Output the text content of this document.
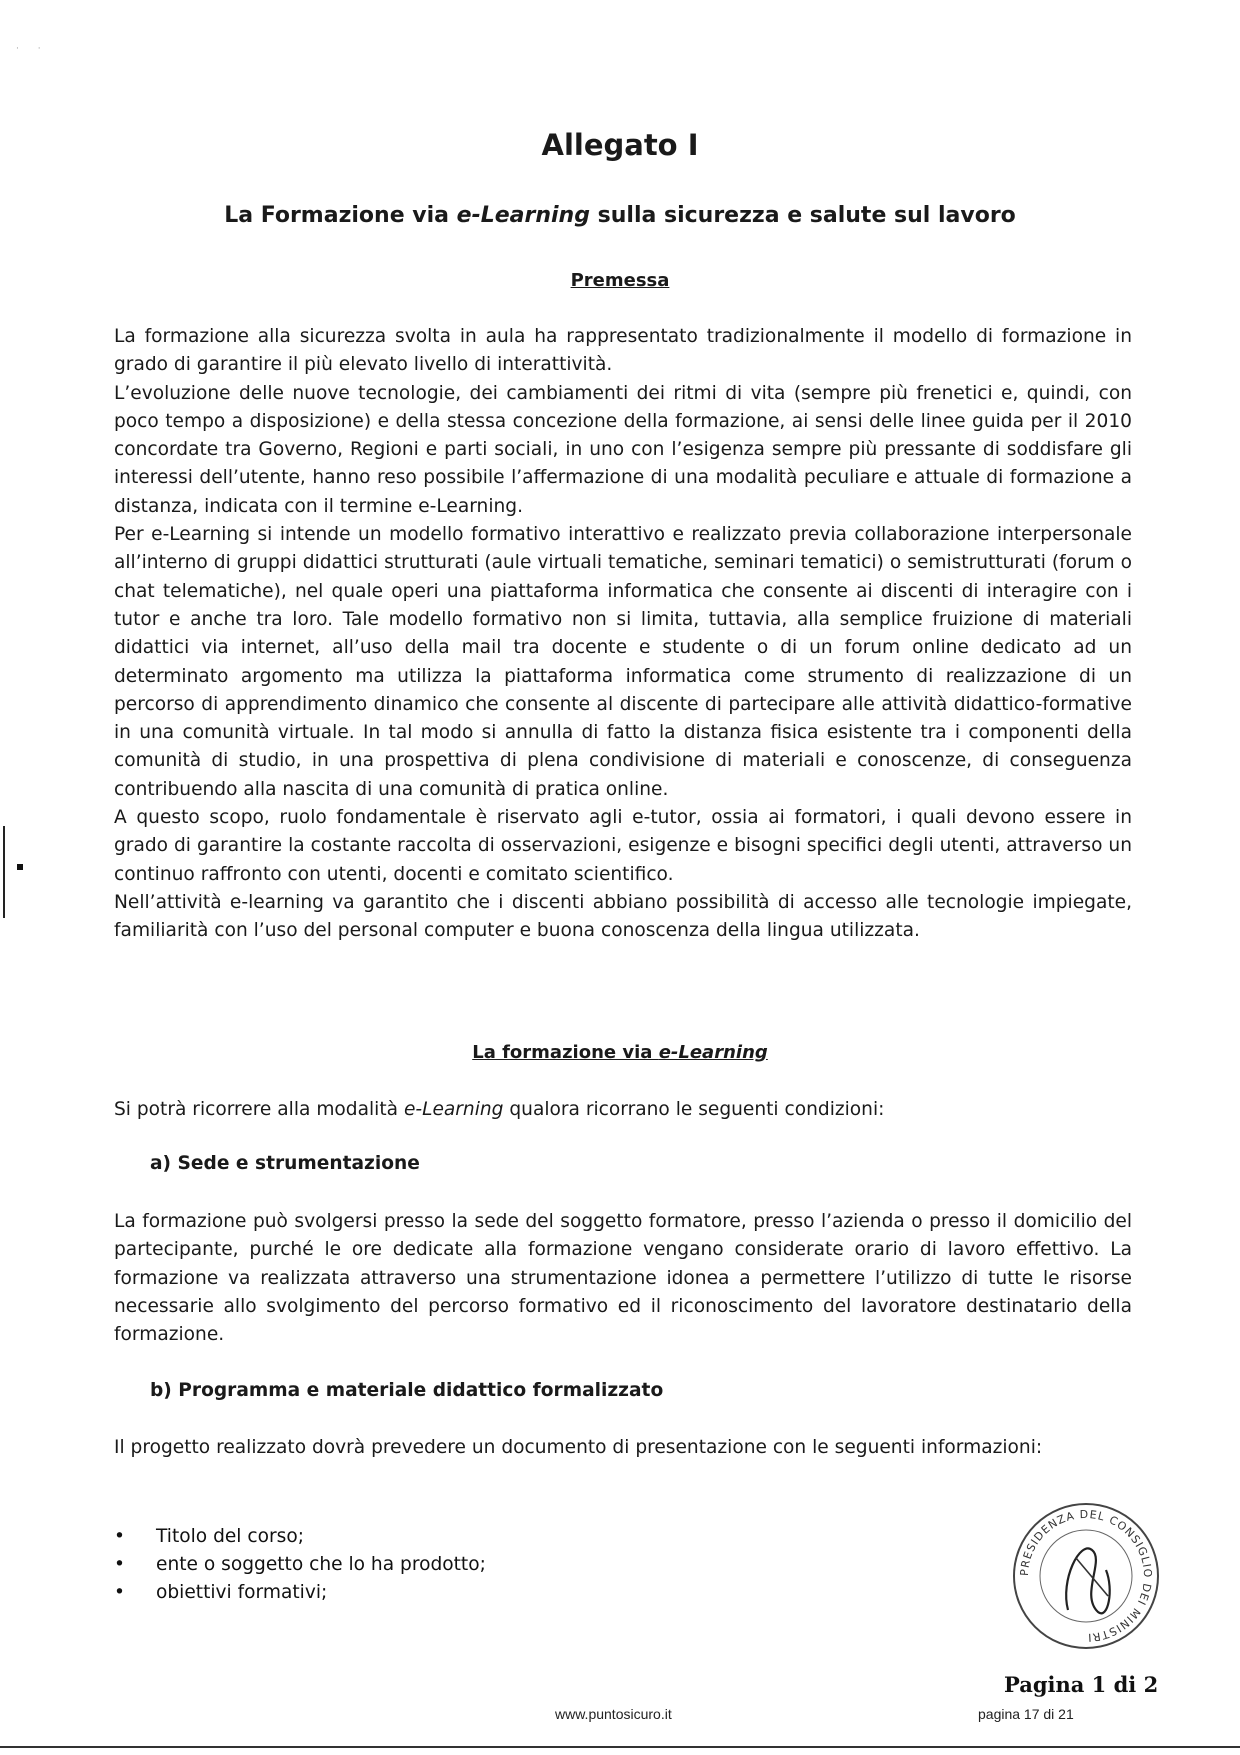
· ·
Allegato I
La Formazione via e-Learning sulla sicurezza e salute sul lavoro
Premessa

La formazione alla sicurezza svolta in aula ha rappresentato tradizionalmente il modello di formazione in grado di garantire il più elevato livello di interattività.

L’evoluzione delle nuove tecnologie, dei cambiamenti dei ritmi di vita (sempre più frenetici e, quindi, con poco tempo a disposizione) e della stessa concezione della formazione, ai sensi delle linee guida per il 2010 concordate tra Governo, Regioni e parti sociali, in uno con l’esigenza sempre più pressante di soddisfare gli interessi dell’utente, hanno reso possibile l’affermazione di una modalità peculiare e attuale di formazione a distanza, indicata con il termine e-Learning.

Per e-Learning si intende un modello formativo interattivo e realizzato previa collaborazione interpersonale all’interno di gruppi didattici strutturati (aule virtuali tematiche, seminari tematici) o semistrutturati (forum o chat telematiche), nel quale operi una piattaforma informatica che consente ai discenti di interagire con i tutor e anche tra loro. Tale modello formativo non si limita, tuttavia, alla semplice fruizione di materiali didattici via internet, all’uso della mail tra docente e studente o di un forum online dedicato ad un determinato argomento ma utilizza la piattaforma informatica come strumento di realizzazione di un percorso di apprendimento dinamico che consente al discente di partecipare alle attività didattico-formative in una comunità virtuale. In tal modo si annulla di fatto la distanza fisica esistente tra i componenti della comunità di studio, in una prospettiva di plena condivisione di materiali e conoscenze, di conseguenza contribuendo alla nascita di una comunità di pratica online.

A questo scopo, ruolo fondamentale è riservato agli e-tutor, ossia ai formatori, i quali devono essere in grado di garantire la costante raccolta di osservazioni, esigenze e bisogni specifici degli utenti, attraverso un continuo raffronto con utenti, docenti e comitato scientifico.

Nell’attività e-learning va garantito che i discenti abbiano possibilità di accesso alle tecnologie impiegate, familiarità con l’uso del personal computer e buona conoscenza della lingua utilizzata.

La formazione via e-Learning
Si potrà ricorrere alla modalità e-Learning qualora ricorrano le seguenti condizioni:
a) Sede e strumentazione
La formazione può svolgersi presso la sede del soggetto formatore, presso l’azienda o presso il domicilio del partecipante, purché le ore dedicate alla formazione vengano considerate orario di lavoro effettivo. La formazione va realizzata attraverso una strumentazione idonea a permettere l’utilizzo di tutte le risorse necessarie allo svolgimento del percorso formativo ed il riconoscimento del lavoratore destinatario della formazione.
b) Programma e materiale didattico formalizzato
Il progetto realizzato dovrà prevedere un documento di presentazione con le seguenti informazioni:
• Titolo del corso;
• ente o soggetto che lo ha prodotto;
• obiettivi formativi;
PRESIDENZA DEL CONSIGLIO DEI MINISTRI
Pagina 1 di 2
www.puntosicuro.it	pagina 17 di 21
